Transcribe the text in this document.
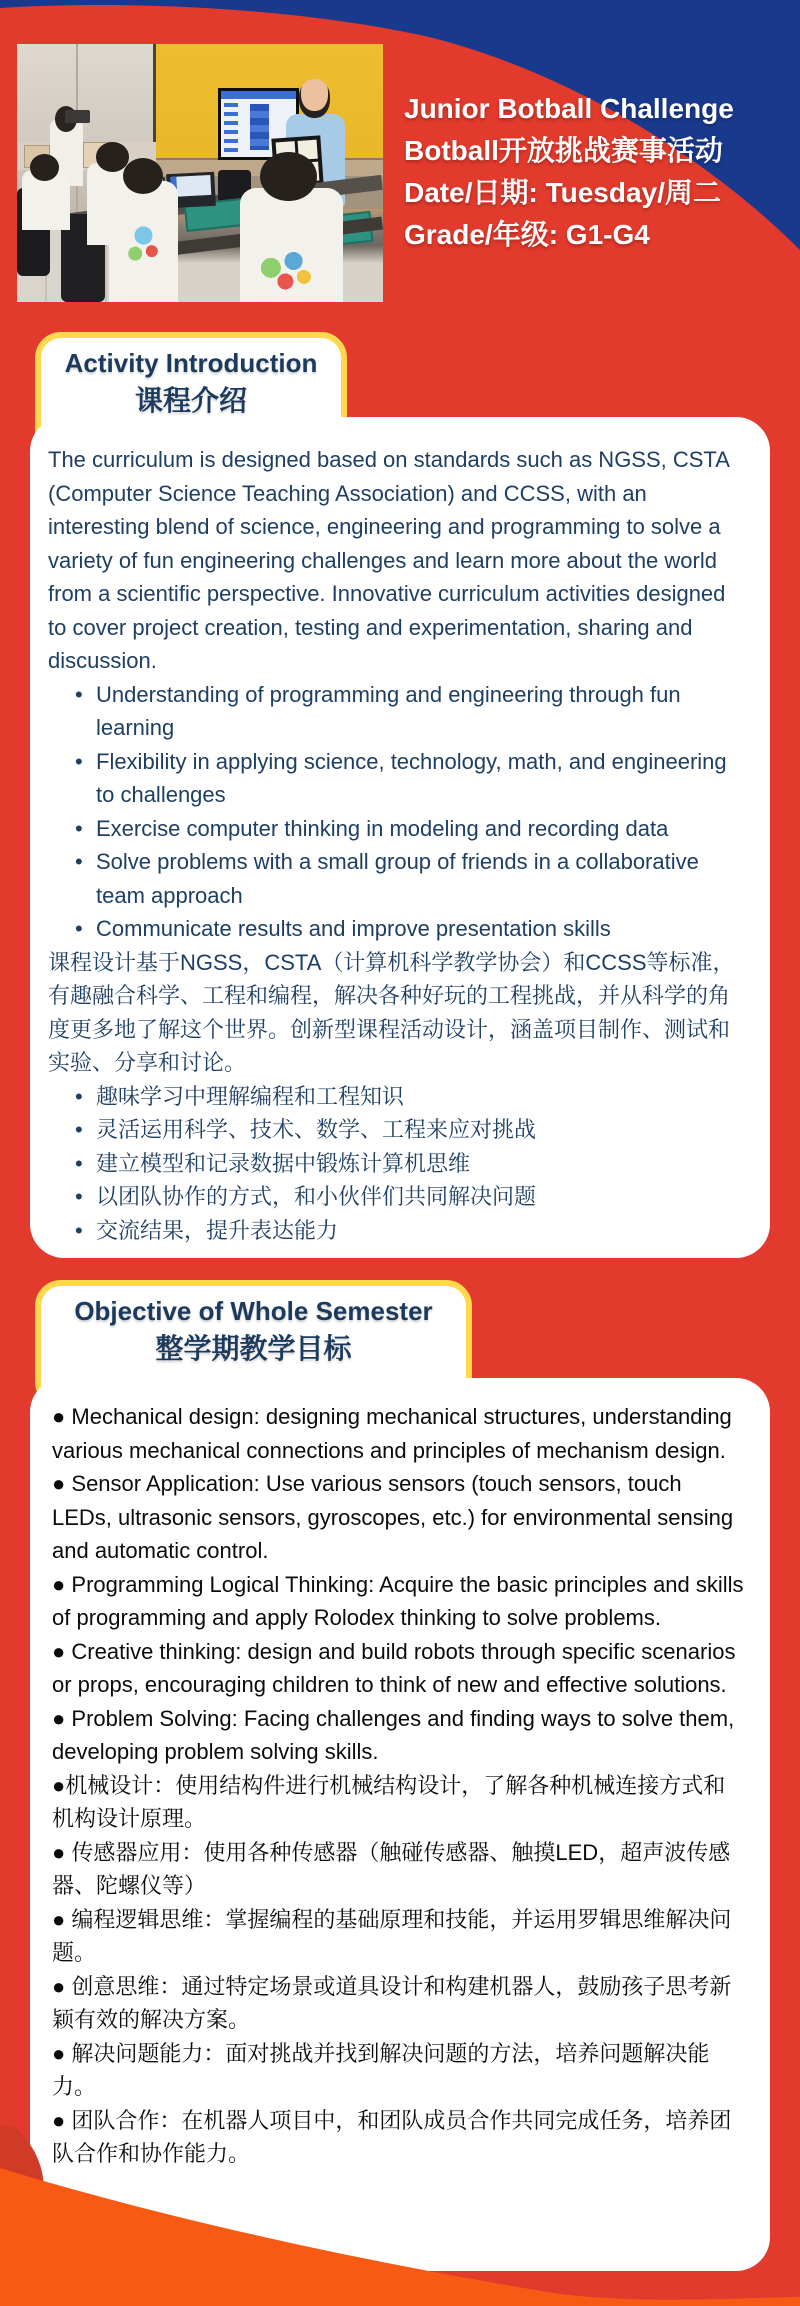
Junior Botball Challenge
Botball开放挑战赛事活动
Date/日期: Tuesday/周二
Grade/年级: G1-G4
Activity Introduction
课程介绍

The curriculum is designed based on standards such as NGSS, CSTA (Computer Science Teaching Association) and CCSS, with an interesting blend of science, engineering and programming to solve a variety of fun engineering challenges and learn more about the world from a scientific perspective. Innovative curriculum activities designed to cover project creation, testing and experimentation, sharing and discussion.

• Understanding of programming and engineering through fun learning
• Flexibility in applying science, technology, math, and engineering to challenges
• Exercise computer thinking in modeling and recording data
• Solve problems with a small group of friends in a collaborative team approach
• Communicate results and improve presentation skills

课程设计基于NGSS，CSTA（计算机科学教学协会）和CCSS等标准，有趣融合科学、工程和编程，解决各种好玩的工程挑战，并从科学的角度更多地了解这个世界。创新型课程活动设计，涵盖项目制作、测试和实验、分享和讨论。

• 趣味学习中理解编程和工程知识
• 灵活运用科学、技术、数学、工程来应对挑战
• 建立模型和记录数据中锻炼计算机思维
• 以团队协作的方式，和小伙伴们共同解决问题
• 交流结果，提升表达能力
Objective of Whole Semester
整学期教学目标

● Mechanical design: designing mechanical structures, understanding various mechanical connections and principles of mechanism design.

● Sensor Application: Use various sensors (touch sensors, touch LEDs, ultrasonic sensors, gyroscopes, etc.) for environmental sensing and automatic control.

● Programming Logical Thinking: Acquire the basic principles and skills of programming and apply Rolodex thinking to solve problems.

● Creative thinking: design and build robots through specific scenarios or props, encouraging children to think of new and effective solutions.

● Problem Solving: Facing challenges and finding ways to solve them, developing problem solving skills.

●机械设计：使用结构件进行机械结构设计，了解各种机械连接方式和机构设计原理。

● 传感器应用：使用各种传感器（触碰传感器、触摸LED，超声波传感器、陀螺仪等）

● 编程逻辑思维：掌握编程的基础原理和技能，并运用罗辑思维解决问题。

● 创意思维：通过特定场景或道具设计和构建机器人，鼓励孩子思考新颖有效的解决方案。

● 解决问题能力：面对挑战并找到解决问题的方法，培养问题解决能力。

● 团队合作：在机器人项目中，和团队成员合作共同完成任务，培养团队合作和协作能力。
